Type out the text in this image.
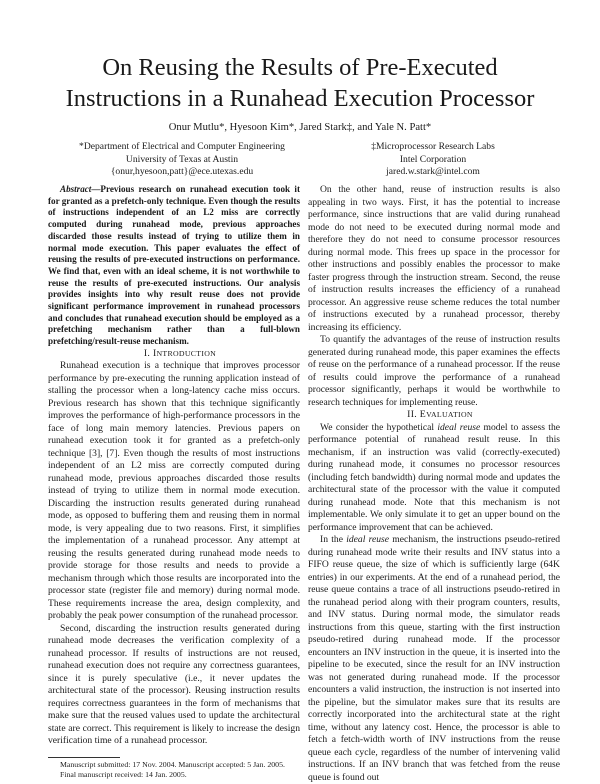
On Reusing the Results of Pre-Executed
Instructions in a Runahead Execution Processor
Onur Mutlu*, Hyesoon Kim*, Jared Stark‡, and Yale N. Patt*
*Department of Electrical and Computer Engineering
University of Texas at Austin
{onur,hyesoon,patt}@ece.utexas.edu
‡Microprocessor Research Labs
Intel Corporation
jared.w.stark@intel.com

Abstract—Previous research on runahead execution took it for granted as a prefetch-only technique. Even though the results of instructions independent of an L2 miss are correctly computed during runahead mode, previous approaches discarded those results instead of trying to utilize them in normal mode execution. This paper evaluates the effect of reusing the results of pre-executed instructions on performance. We find that, even with an ideal scheme, it is not worthwhile to reuse the results of pre-executed instructions. Our analysis provides insights into why result reuse does not provide significant performance improvement in runahead processors and concludes that runahead execution should be employed as a prefetching mechanism rather than a full-blown prefetching/result-reuse mechanism.

I. INTRODUCTION

Runahead execution is a technique that improves processor performance by pre-executing the running application instead of stalling the processor when a long-latency cache miss occurs. Previous research has shown that this technique significantly improves the performance of high-performance processors in the face of long main memory latencies. Previous papers on runahead execution took it for granted as a prefetch-only technique [3], [7]. Even though the results of most instructions independent of an L2 miss are correctly computed during runahead mode, previous approaches discarded those results instead of trying to utilize them in normal mode execution. Discarding the instruction results generated during runahead mode, as opposed to buffering them and reusing them in normal mode, is very appealing due to two reasons. First, it simplifies the implementation of a runahead processor. Any attempt at reusing the results generated during runahead mode needs to provide storage for those results and needs to provide a mechanism through which those results are incorporated into the processor state (register file and memory) during normal mode. These requirements increase the area, design complexity, and probably the peak power consumption of the runahead processor.

Second, discarding the instruction results generated during runahead mode decreases the verification complexity of a runahead processor. If results of instructions are not reused, runahead execution does not require any correctness guarantees, since it is purely speculative (i.e., it never updates the architectural state of the processor). Reusing instruction results requires correctness guarantees in the form of mechanisms that make sure that the reused values used to update the architectural state are correct. This requirement is likely to increase the design verification time of a runahead processor.

Manuscript submitted: 17 Nov. 2004. Manuscript accepted: 5 Jan. 2005.

Final manuscript received: 14 Jan. 2005.

On the other hand, reuse of instruction results is also appealing in two ways. First, it has the potential to increase performance, since instructions that are valid during runahead mode do not need to be executed during normal mode and therefore they do not need to consume processor resources during normal mode. This frees up space in the processor for other instructions and possibly enables the processor to make faster progress through the instruction stream. Second, the reuse of instruction results increases the efficiency of a runahead processor. An aggressive reuse scheme reduces the total number of instructions executed by a runahead processor, thereby increasing its efficiency.

To quantify the advantages of the reuse of instruction results generated during runahead mode, this paper examines the effects of reuse on the performance of a runahead processor. If the reuse of results could improve the performance of a runahead processor significantly, perhaps it would be worthwhile to research techniques for implementing reuse.

II. EVALUATION

We consider the hypothetical ideal reuse model to assess the performance potential of runahead result reuse. In this mechanism, if an instruction was valid (correctly-executed) during runahead mode, it consumes no processor resources (including fetch bandwidth) during normal mode and updates the architectural state of the processor with the value it computed during runahead mode. Note that this mechanism is not implementable. We only simulate it to get an upper bound on the performance improvement that can be achieved.

In the ideal reuse mechanism, the instructions pseudo-retired during runahead mode write their results and INV status into a FIFO reuse queue, the size of which is sufficiently large (64K entries) in our experiments. At the end of a runahead period, the reuse queue contains a trace of all instructions pseudo-retired in the runahead period along with their program counters, results, and INV status. During normal mode, the simulator reads instructions from this queue, starting with the first instruction pseudo-retired during runahead mode. If the processor encounters an INV instruction in the queue, it is inserted into the pipeline to be executed, since the result for an INV instruction was not generated during runahead mode. If the processor encounters a valid instruction, the instruction is not inserted into the pipeline, but the simulator makes sure that its results are correctly incorporated into the architectural state at the right time, without any latency cost. Hence, the processor is able to fetch a fetch-width worth of INV instructions from the reuse queue each cycle, regardless of the number of intervening valid instructions. If an INV branch that was fetched from the reuse queue is found out
